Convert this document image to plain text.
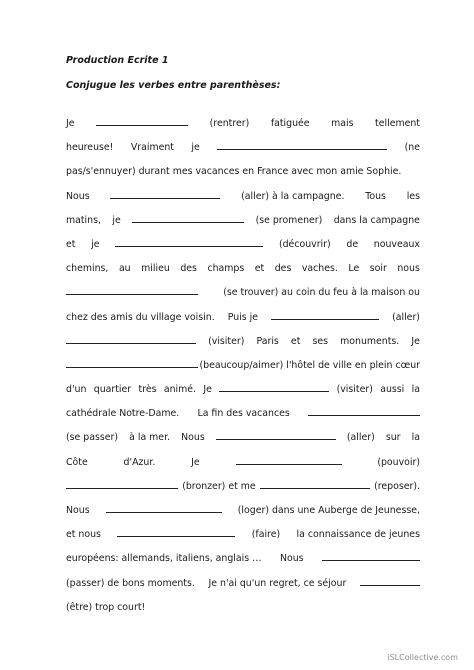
Production Ecrite 1
Conjugue les verbes entre parenthèses:
Je	(rentrer) fatiguée mais tellement
heureuse! Vraiment je	(ne
pas/s'ennuyer) durant mes vacances en France avec mon amie Sophie.
Nous	(aller) à la campagne. Tous les
matins, je	(se promener) dans la campagne
et je	(découvrir) de nouveaux
chemins, au milieu des champs et des vaches. Le soir nous
(se trouver) au coin du feu à la maison ou
chez des amis du village voisin. Puis je	(aller)
(visiter) Paris et ses monuments. Je
(beaucoup/aimer) l'hôtel de ville en plein cœur
d'un quartier très animé. Je	(visiter) aussi la
cathédrale Notre-Dame. La fin des vacances
(se passer) à la mer. Nous	(aller) sur la
Côte	d'Azur.	Je	(pouvoir)
(bronzer) et me	(reposer).
Nous	(loger) dans une Auberge de Jeunesse,
et nous	(faire) la connaissance de jeunes
européens: allemands, italiens, anglais … Nous
(passer) de bons moments. Je n'ai qu'un regret, ce séjour
(être) trop court!
iSLCollective.com
